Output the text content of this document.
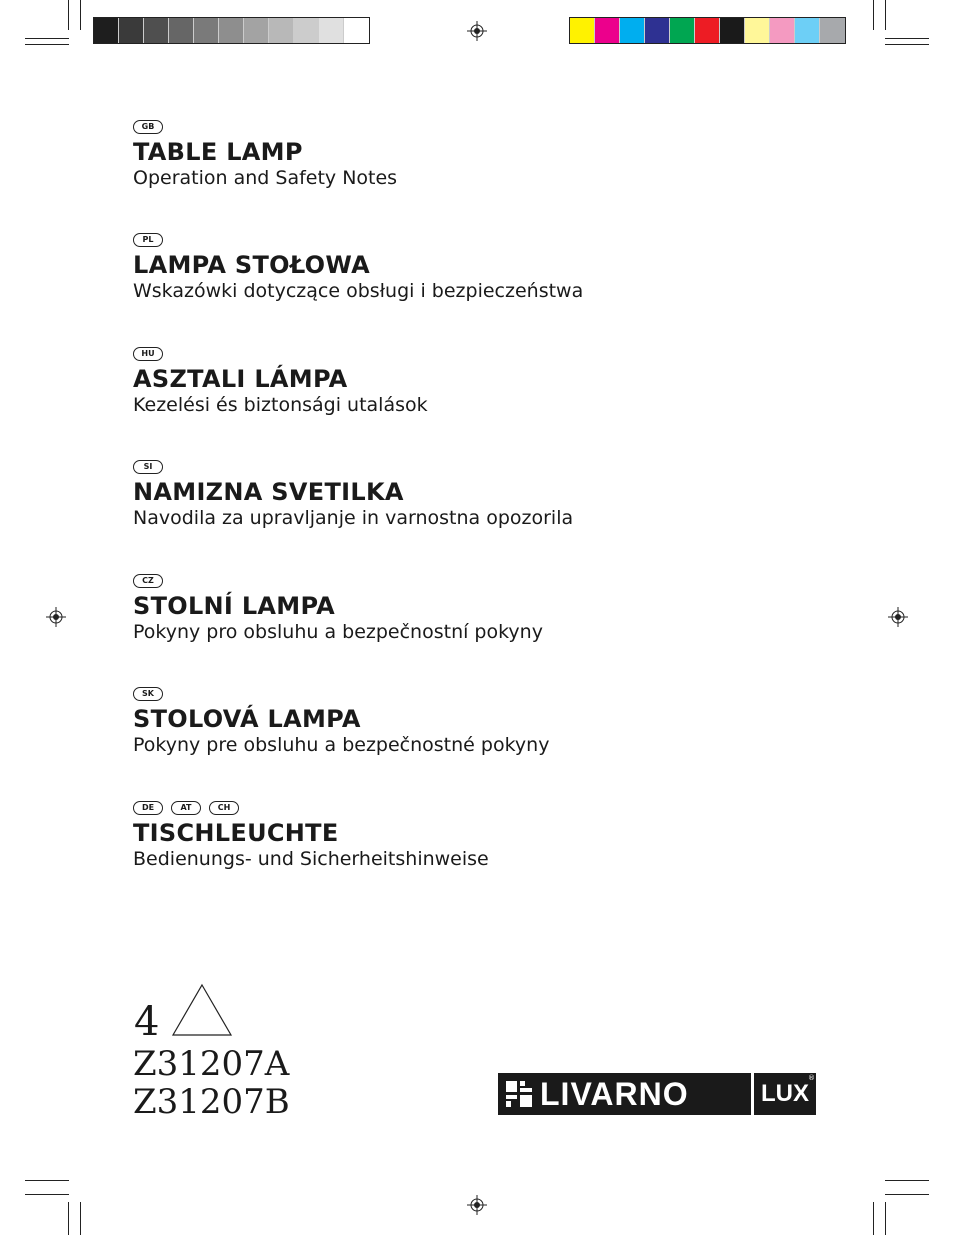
GB
TABLE LAMP
Operation and Safety Notes
PL
LAMPA STOŁOWA
Wskazówki dotyczące obsługi i bezpieczeństwa
HU
ASZTALI LÁMPA
Kezelési és biztonsági utalások
SI
NAMIZNA SVETILKA
Navodila za upravljanje in varnostna opozorila
CZ
STOLNÍ LAMPA
Pokyny pro obsluhu a bezpečnostní pokyny
SK
STOLOVÁ LAMPA
Pokyny pre obsluhu a bezpečnostné pokyny
DE	AT	CH
TISCHLEUCHTE
Bedienungs- und Sicherheitshinweise
4
Z31207A
Z31207B	LIVARNO	LUX
®
